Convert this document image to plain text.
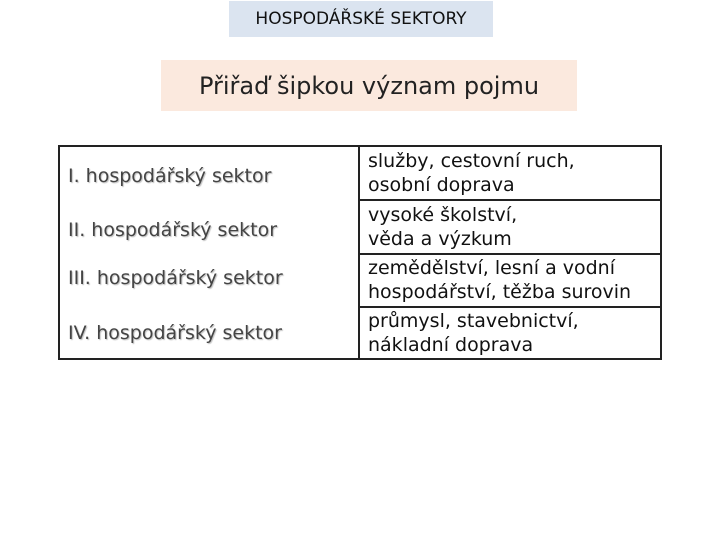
HOSPODÁŘSKÉ SEKTORY
Přiřaď šipkou význam pojmu
I. hospodářský sektor
II. hospodářský sektor
III. hospodářský sektor
IV. hospodářský sektor
služby, cestovní ruch,
osobní doprava
vysoké školství,
věda a výzkum
zemědělství, lesní a vodní
hospodářství, těžba surovin
průmysl, stavebnictví,
nákladní doprava
